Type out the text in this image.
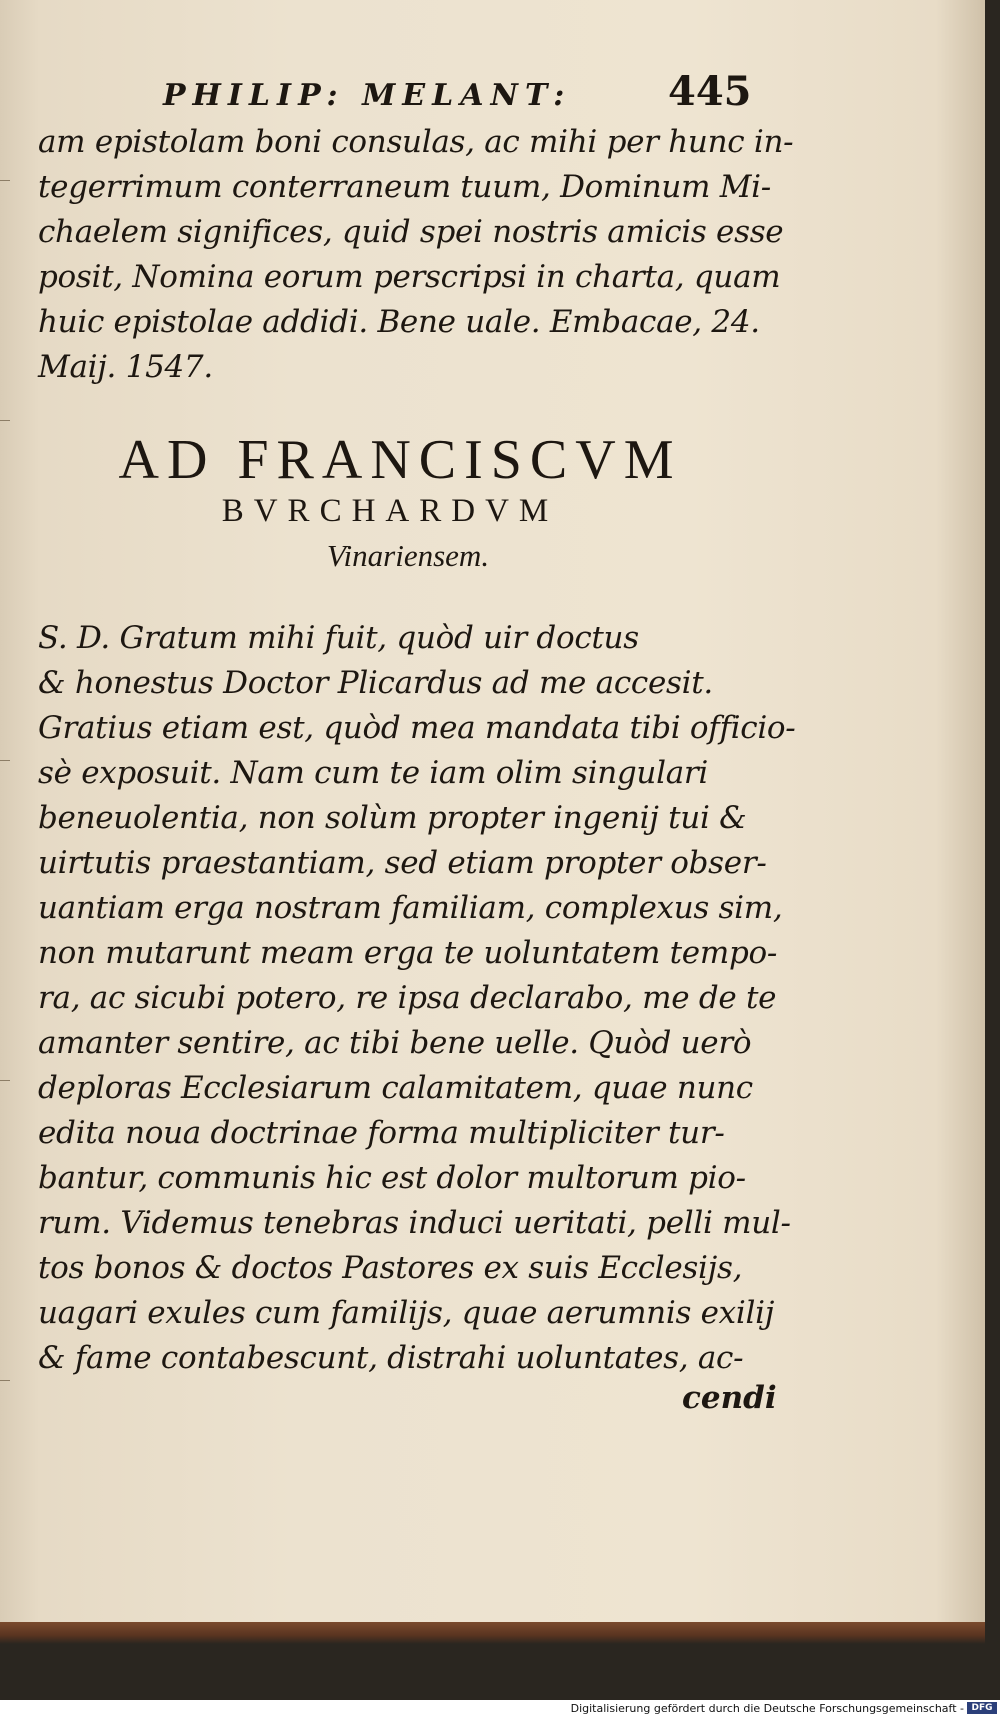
PHILIP: MELANT:	445
am epistolam boni consulas, ac mihi per hunc in-
tegerrimum conterraneum tuum, Dominum Mi-
chaelem significes, quid spei nostris amicis esse
posit, Nomina eorum perscripsi in charta, quam
huic epistolae addidi. Bene uale. Embacae, 24.
Maij. 1547.
AD FRANCISCVM
BVRCHARDVM
Vinariensem.
S. D. Gratum mihi fuit, quòd uir doctus
& honestus Doctor Plicardus ad me accesit.
Gratius etiam est, quòd mea mandata tibi officio-
sè exposuit. Nam cum te iam olim singulari
beneuolentia, non solùm propter ingenij tui &
uirtutis praestantiam, sed etiam propter obser-
uantiam erga nostram familiam, complexus sim,
non mutarunt meam erga te uoluntatem tempo-
ra, ac sicubi potero, re ipsa declarabo, me de te
amanter sentire, ac tibi bene uelle. Quòd uerò
deploras Ecclesiarum calamitatem, quae nunc
edita noua doctrinae forma multipliciter tur-
bantur, communis hic est dolor multorum pio-
rum. Videmus tenebras induci ueritati, pelli mul-
tos bonos & doctos Pastores ex suis Ecclesijs,
uagari exules cum familijs, quae aerumnis exilij
& fame contabescunt, distrahi uoluntates, ac-
cendi
Digitalisierung gefördert durch die Deutsche Forschungsgemeinschaft - DFG
